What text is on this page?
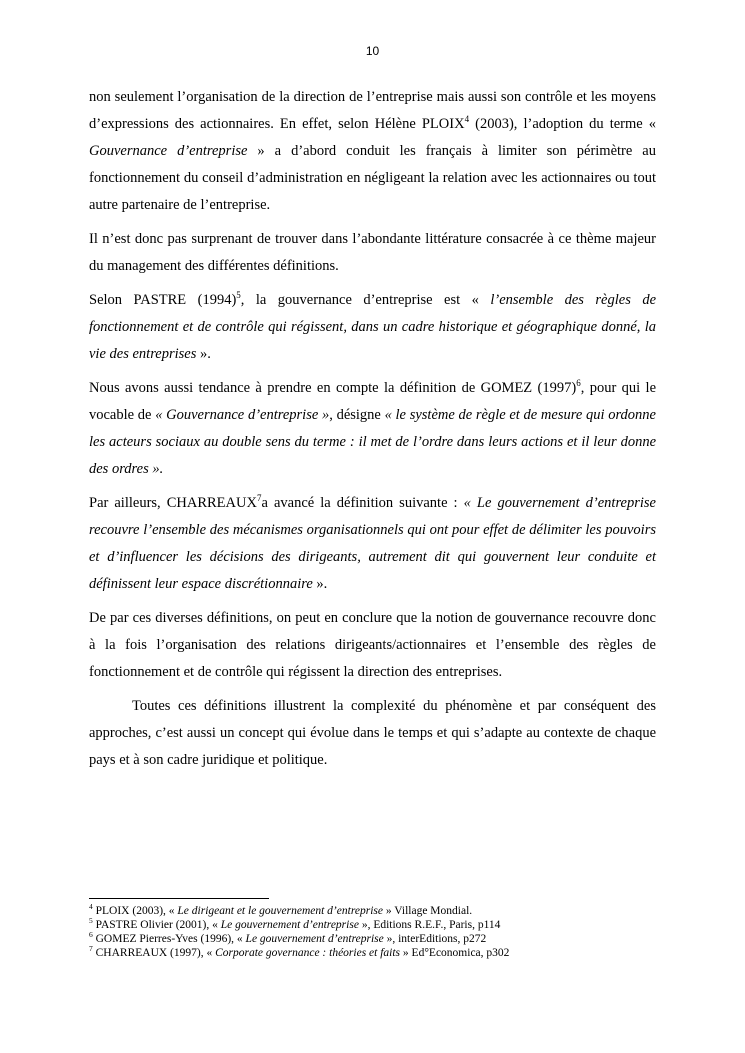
10

non seulement l’organisation de la direction de l’entreprise mais aussi son contrôle et les moyens d’expressions des actionnaires. En effet, selon Hélène PLOIX$^4$ (2003), l’adoption du terme « Gouvernance d’entreprise » a d’abord conduit les français à limiter son périmètre au fonctionnement du conseil d’administration en négligeant la relation avec les actionnaires ou tout autre partenaire de l’entreprise.

Il n’est donc pas surprenant de trouver dans l’abondante littérature consacrée à ce thème majeur du management des différentes définitions.

Selon PASTRE $(1994)^5$, la gouvernance d’entreprise est « l’ensemble des règles de fonctionnement et de contrôle qui régissent, dans un cadre historique et géographique donné, la vie des entreprises ».

Nous avons aussi tendance à prendre en compte la définition de GOMEZ $(1997)^6$, pour qui le vocable de « Gouvernance d’entreprise », désigne « le système de règle et de mesure qui ordonne les acteurs sociaux au double sens du terme : il met de l’ordre dans leurs actions et il leur donne des ordres ».

Par ailleurs, CHARREAUX$^7$a avancé la définition suivante : « Le gouvernement d’entreprise recouvre l’ensemble des mécanismes organisationnels qui ont pour effet de délimiter les pouvoirs et d’influencer les décisions des dirigeants, autrement dit qui gouvernent leur conduite et définissent leur espace discrétionnaire ».

De par ces diverses définitions, on peut en conclure que la notion de gouvernance recouvre donc à la fois l’organisation des relations dirigeants/actionnaires et l’ensemble des règles de fonctionnement et de contrôle qui régissent la direction des entreprises.

Toutes ces définitions illustrent la complexité du phénomène et par conséquent des approches, c’est aussi un concept qui évolue dans le temps et qui s’adapte au contexte de chaque pays et à son cadre juridique et politique.

$^4$ PLOIX (2003), « Le dirigeant et le gouvernement d’entreprise » Village Mondial.
$^5$ PASTRE Olivier (2001), « Le gouvernement d’entreprise », Editions R.E.F., Paris, p114
$^6$ GOMEZ Pierres-Yves (1996), « Le gouvernement d’entreprise », interEditions, p272
$^7$ CHARREAUX (1997), « Corporate governance : théories et faits » Ed°Economica, p302
